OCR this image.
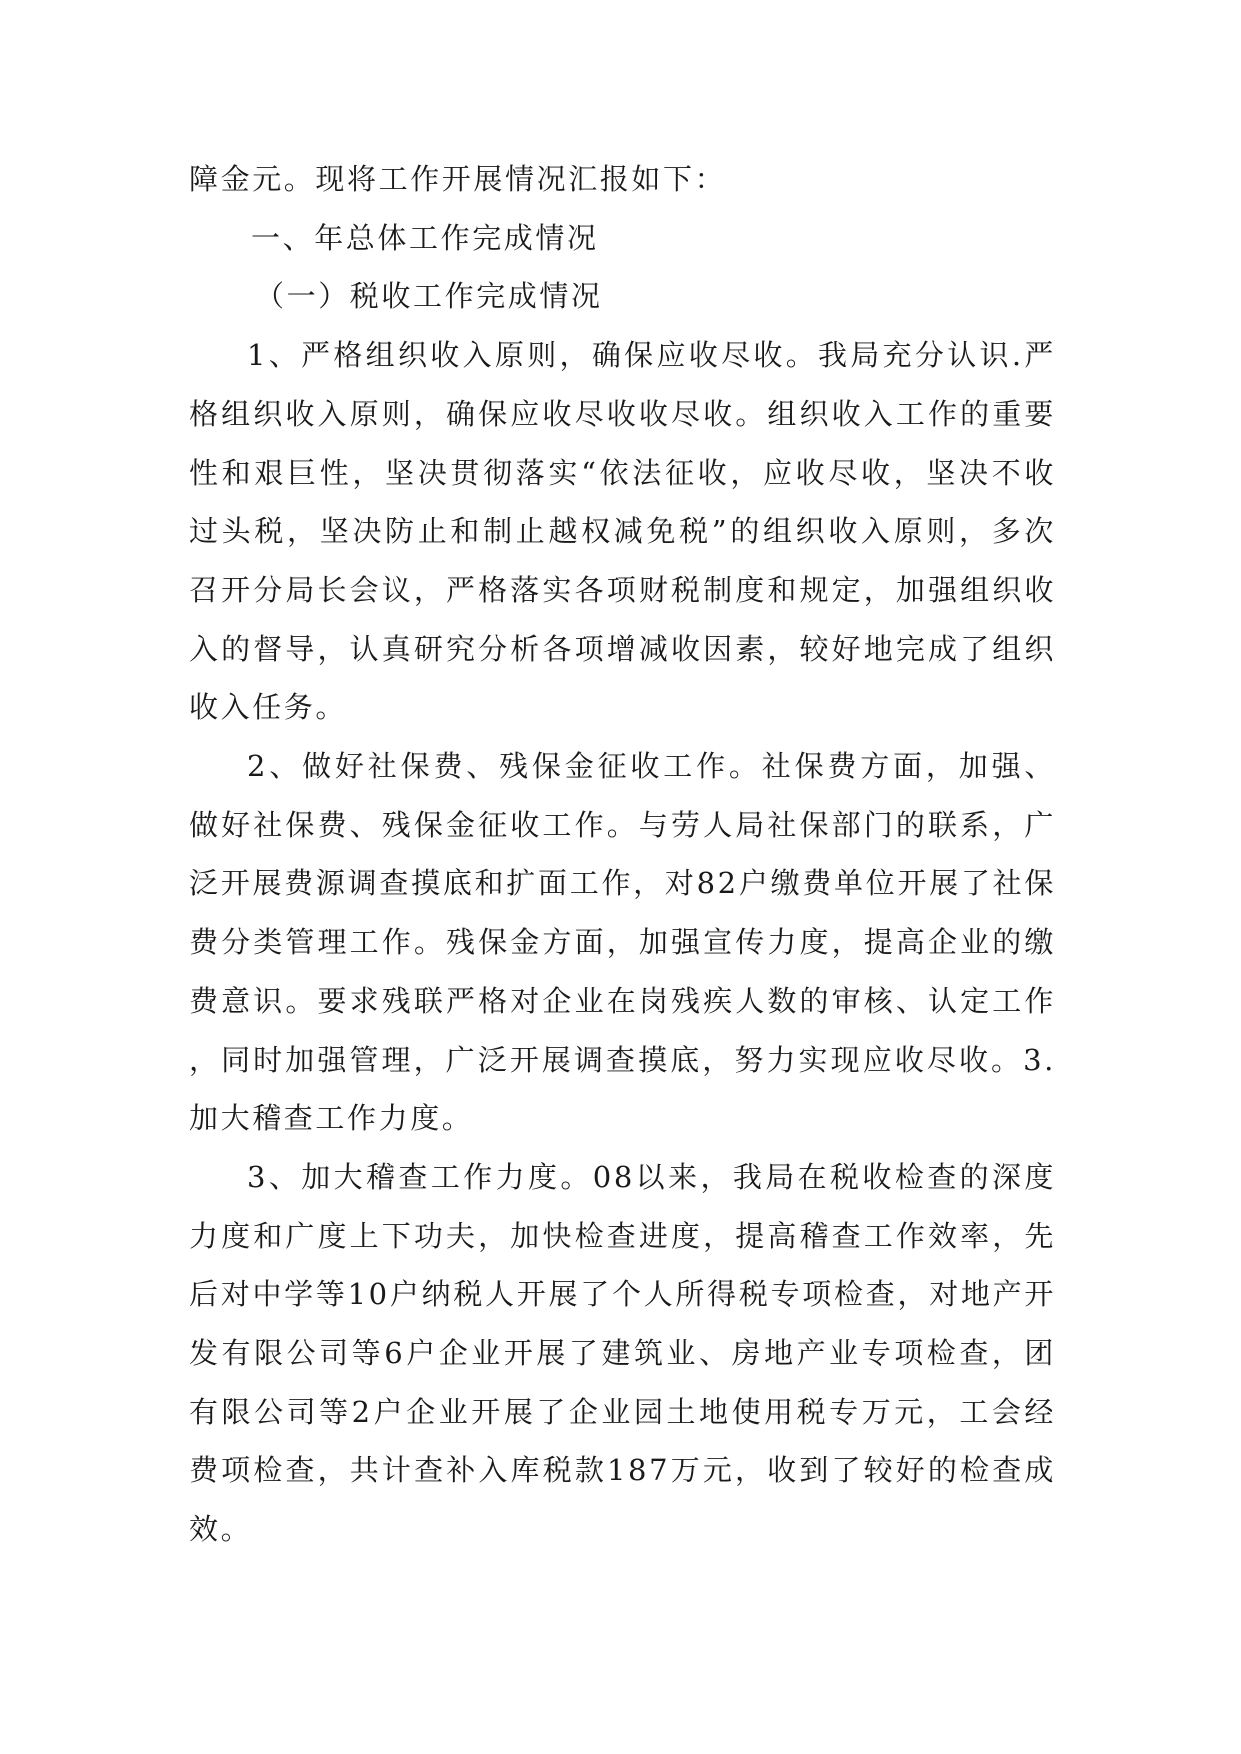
障金元。现将工作开展情况汇报如下：

一、年总体工作完成情况

（一）税收工作完成情况

1、严格组织收入原则，确保应收尽收。我局充分认识.严格组织收入原则，确保应收尽收收尽收。组织收入工作的重要性和艰巨性，坚决贯彻落实“依法征收，应收尽收，坚决不收过头税，坚决防止和制止越权减免税”的组织收入原则，多次召开分局长会议，严格落实各项财税制度和规定，加强组织收入的督导，认真研究分析各项增减收因素，较好地完成了组织收入任务。

2、做好社保费、残保金征收工作。社保费方面，加强、做好社保费、残保金征收工作。与劳人局社保部门的联系，广泛开展费源调查摸底和扩面工作，对82户缴费单位开展了社保费分类管理工作。残保金方面，加强宣传力度，提高企业的缴费意识。要求残联严格对企业在岗残疾人数的审核、认定工作，同时加强管理，广泛开展调查摸底，努力实现应收尽收。3.加大稽查工作力度。

3、加大稽查工作力度。08以来，我局在税收检查的深度力度和广度上下功夫，加快检查进度，提高稽查工作效率，先后对中学等10户纳税人开展了个人所得税专项检查，对地产开发有限公司等6户企业开展了建筑业、房地产业专项检查，团有限公司等2户企业开展了企业园土地使用税专万元，工会经费项检查，共计查补入库税款187万元，收到了较好的检查成效。
